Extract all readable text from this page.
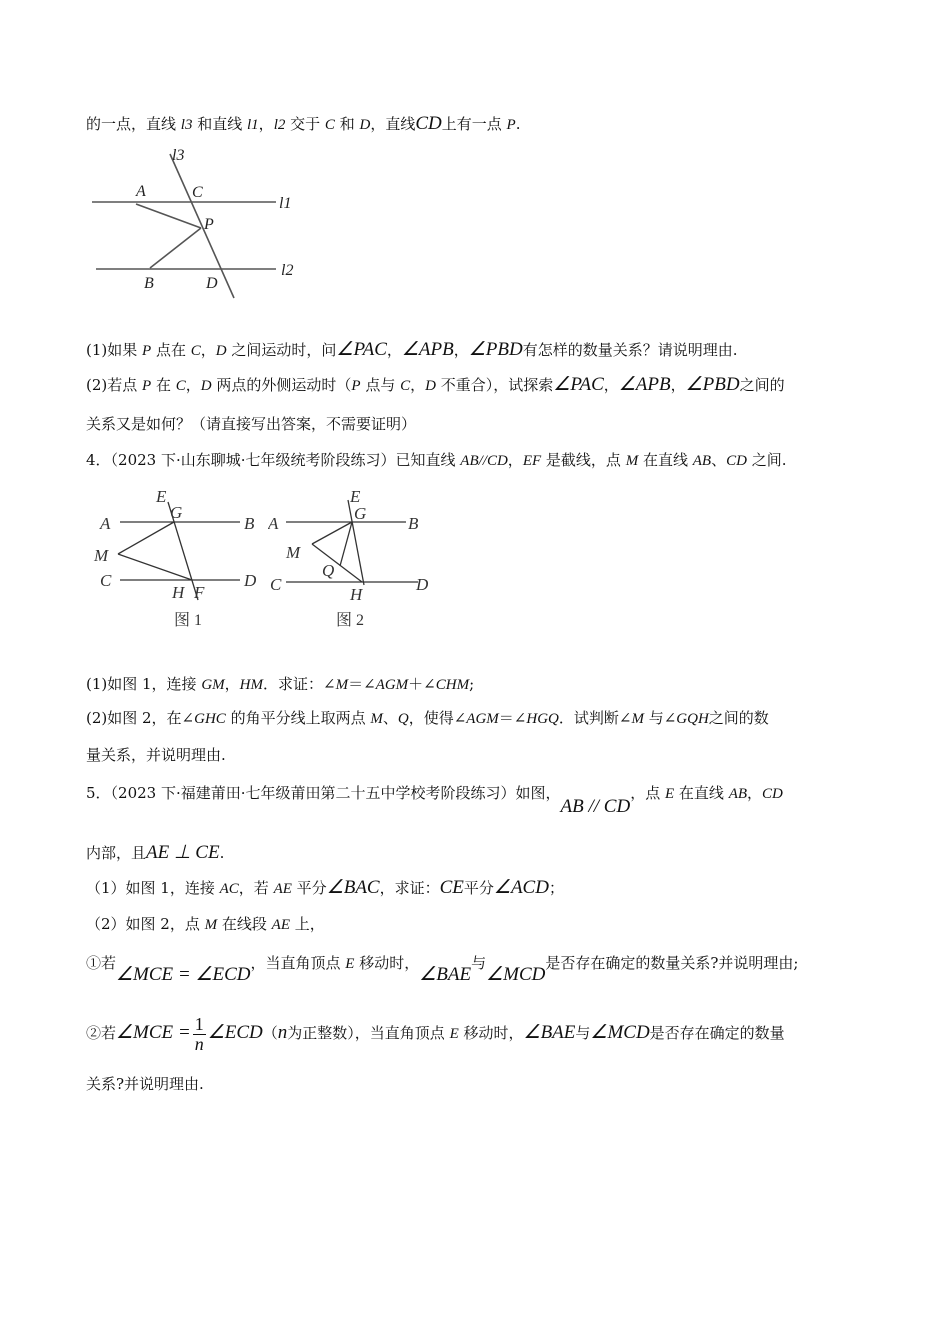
的一点，直线 l3 和直线 l1，l2 交于 C 和 D，直线CD上有一点 P.
l3
A	C
l1
P
B	D
l2
(1)如果 P 点在 C，D 之间运动时，问∠PAC，∠APB，∠PBD有怎样的数量关系？请说明理由.
(2)若点 P 在 C，D 两点的外侧运动时（P 点与 C，D 不重合），试探索∠PAC，∠APB，∠PBD之间的
关系又是如何？（请直接写出答案，不需要证明）
4．（2023 下·山东聊城·七年级统考阶段练习）已知直线 AB//CD，EF 是截线，点 M 在直线 AB、CD 之间.
E
G
A	B
M
C
H F
D
图 1
E
G
A	B
M
Q
C
H
D
图 2
(1)如图 1，连接 GM，HM．求证：∠M＝∠AGM＋∠CHM;
(2)如图 2，在∠GHC 的角平分线上取两点 M、Q，使得∠AGM＝∠HGQ．试判断∠M 与∠GQH之间的数
量关系，并说明理由.
5．（2023 下·福建莆田·七年级莆田第二十五中学校考阶段练习）如图，AB // CD，点 E 在直线 AB，CD
内部，且AE ⊥ CE.
（1）如图 1，连接 AC，若 AE 平分∠BAC，求证：CE平分∠ACD；
（2）如图 2，点 M 在线段 AE 上，
①若∠MCE = ∠ECD，当直角顶点 E 移动时，∠BAE与∠MCD是否存在确定的数量关系?并说明理由;
②若∠MCE = $\frac{1}{n}$ ∠ECD（n为正整数），当直角顶点 E 移动时，∠BAE与∠MCD是否存在确定的数量
关系?并说明理由.
